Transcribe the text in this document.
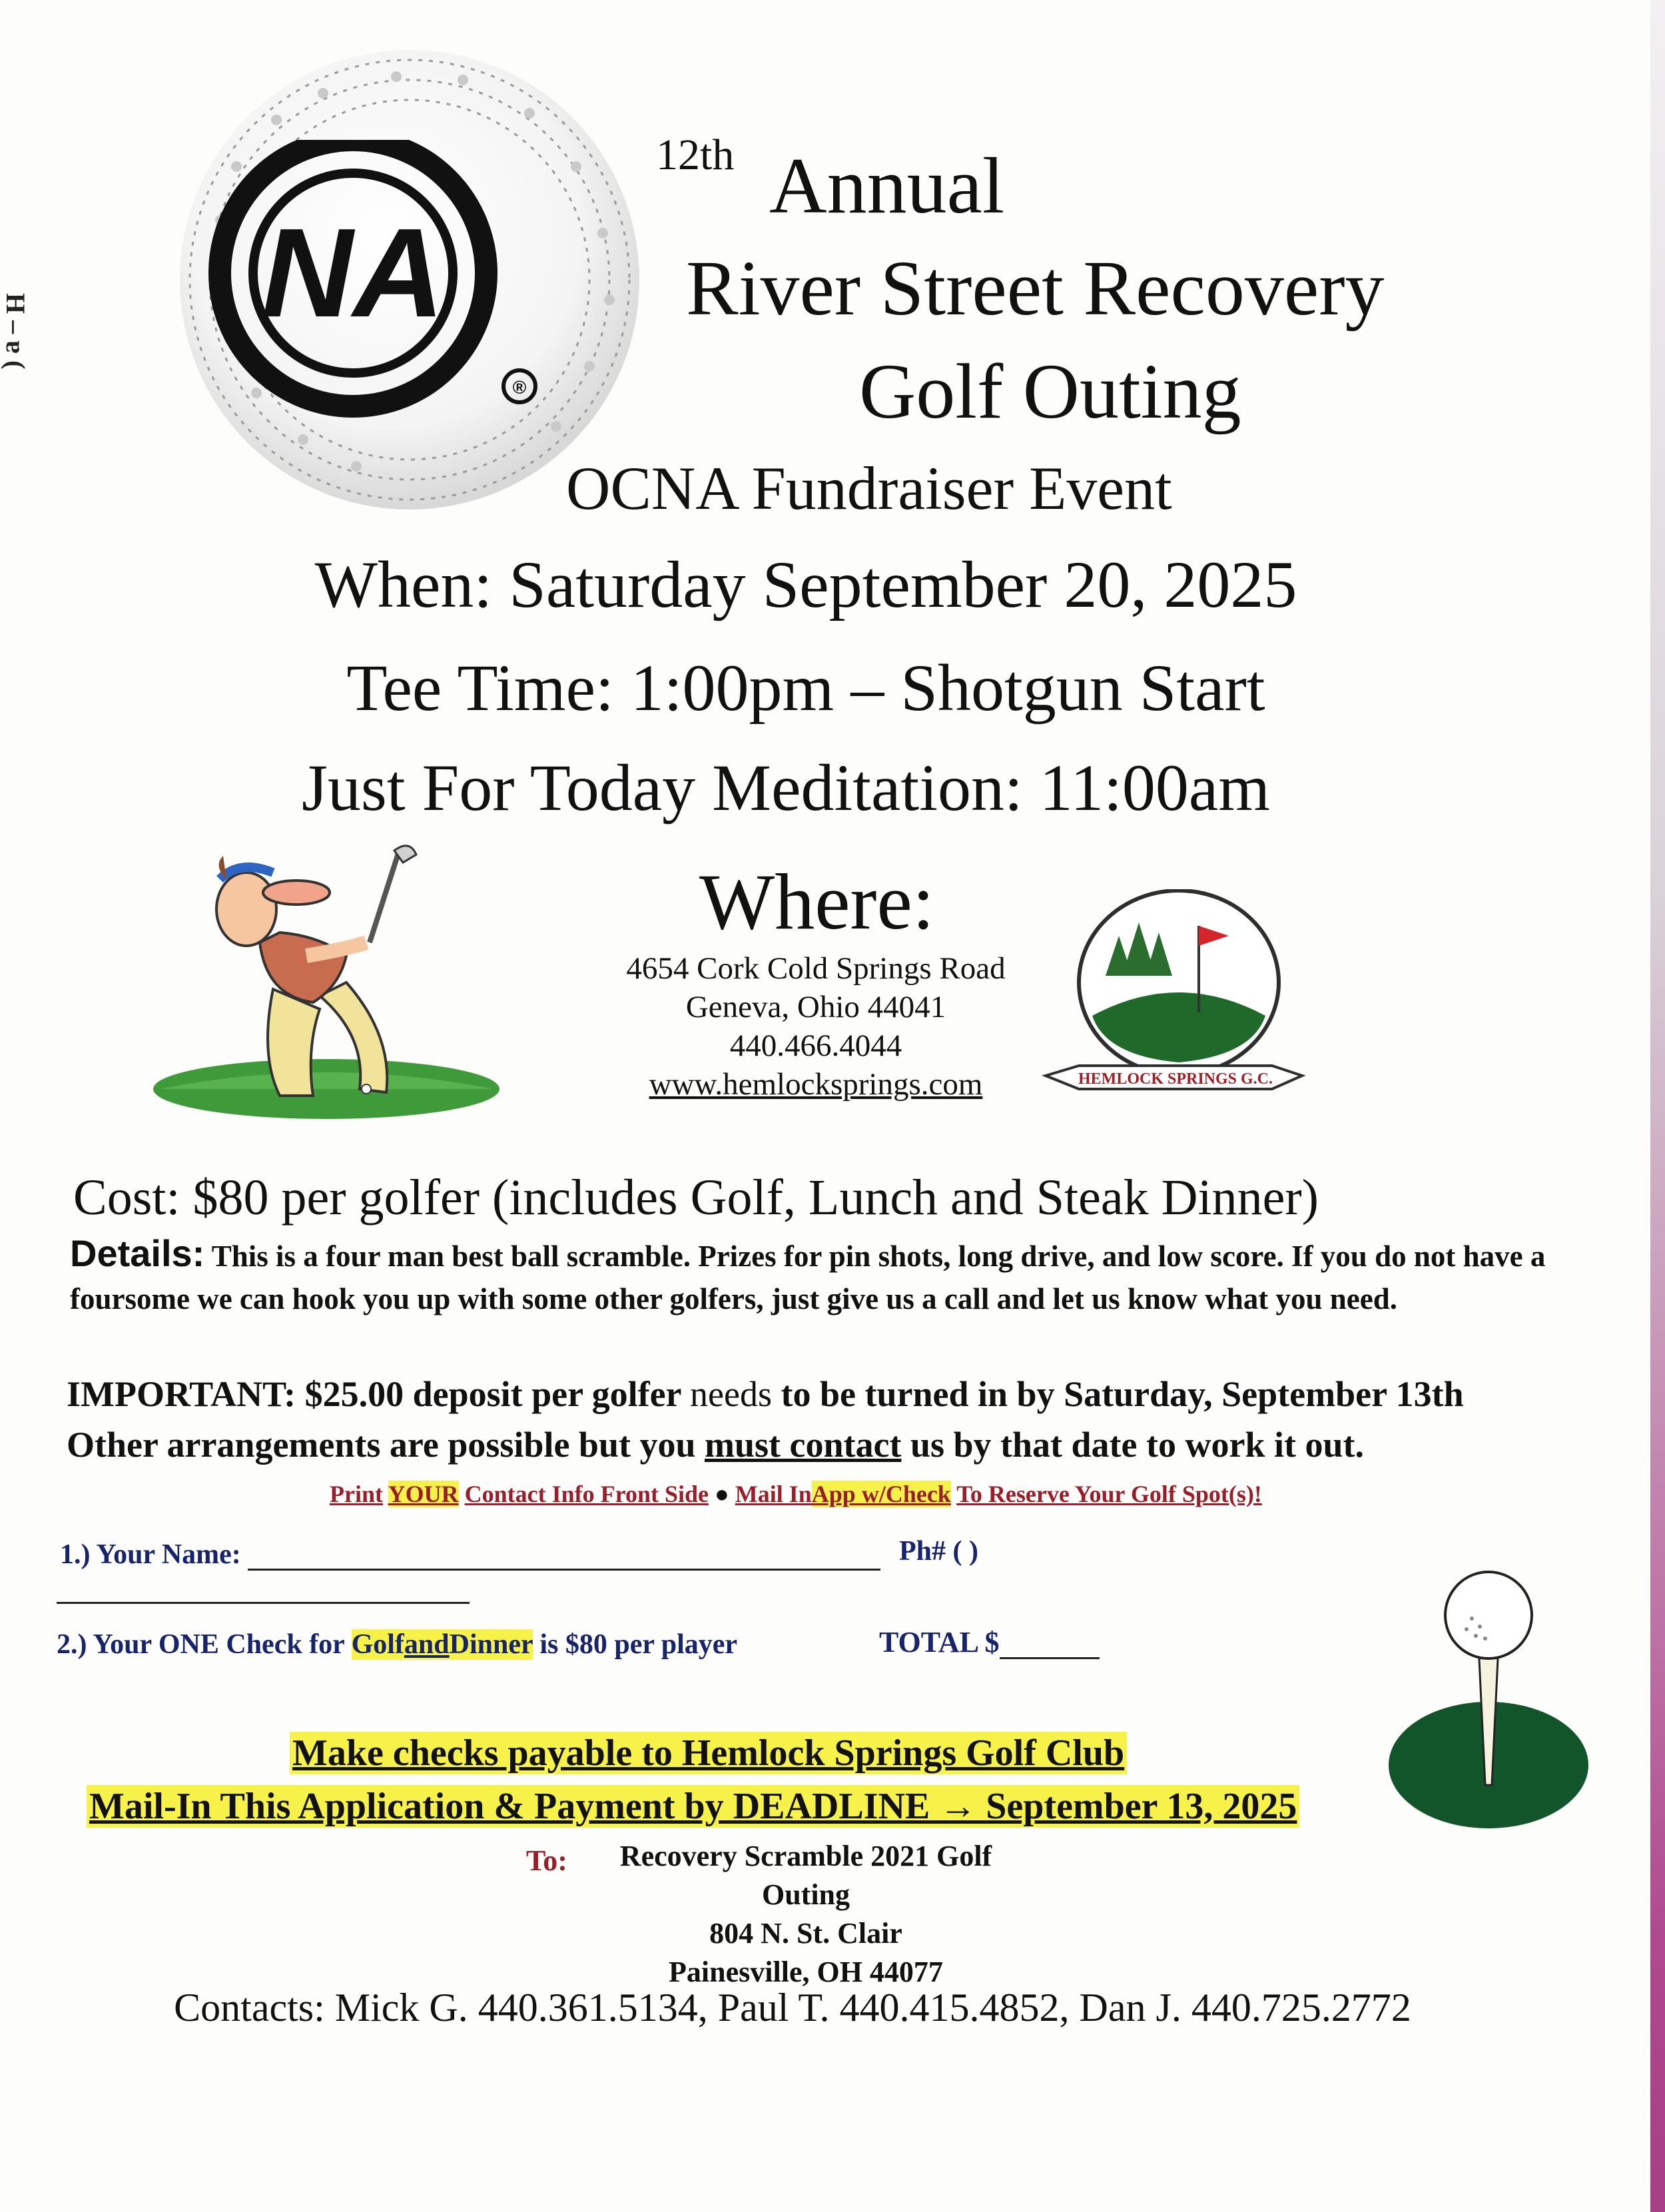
H – ɐ ( NA
®
12th Annual
River Street Recovery
Golf Outing
OCNA Fundraiser Event
When: Saturday September 20, 2025
Tee Time: 1:00pm – Shotgun Start
Just For Today Meditation: 11:00am
Where:
4654 Cork Cold Springs Road
Geneva, Ohio 44041
440.466.4044
www.hemlocksprings.com	HEMLOCK SPRINGS G.C.
Cost: $80 per golfer (includes Golf, Lunch and Steak Dinner)
Details: This is a four man best ball scramble. Prizes for pin shots, long drive, and low score. If you do not have a foursome we can hook you up with some other golfers, just give us a call and let us know what you need.
IMPORTANT: $25.00 deposit per golfer needs to be turned in by Saturday, September 13th
Other arrangements are possible but you must contact us by that date to work it out.
Print YOUR Contact Info Front Side ● Mail InApp w/Check To Reserve Your Golf Spot(s)!
1.) Your Name:	Ph# ( )
2.) Your ONE Check for GolfandDinner is $80 per player	TOTAL $
Make checks payable to Hemlock Springs Golf Club
Mail-In This Application & Payment by DEADLINE → September 13, 2025
To:	Recovery Scramble 2021 Golf Outing
804 N. St. Clair
Painesville, OH 44077
Contacts: Mick G. 440.361.5134, Paul T. 440.415.4852, Dan J. 440.725.2772
